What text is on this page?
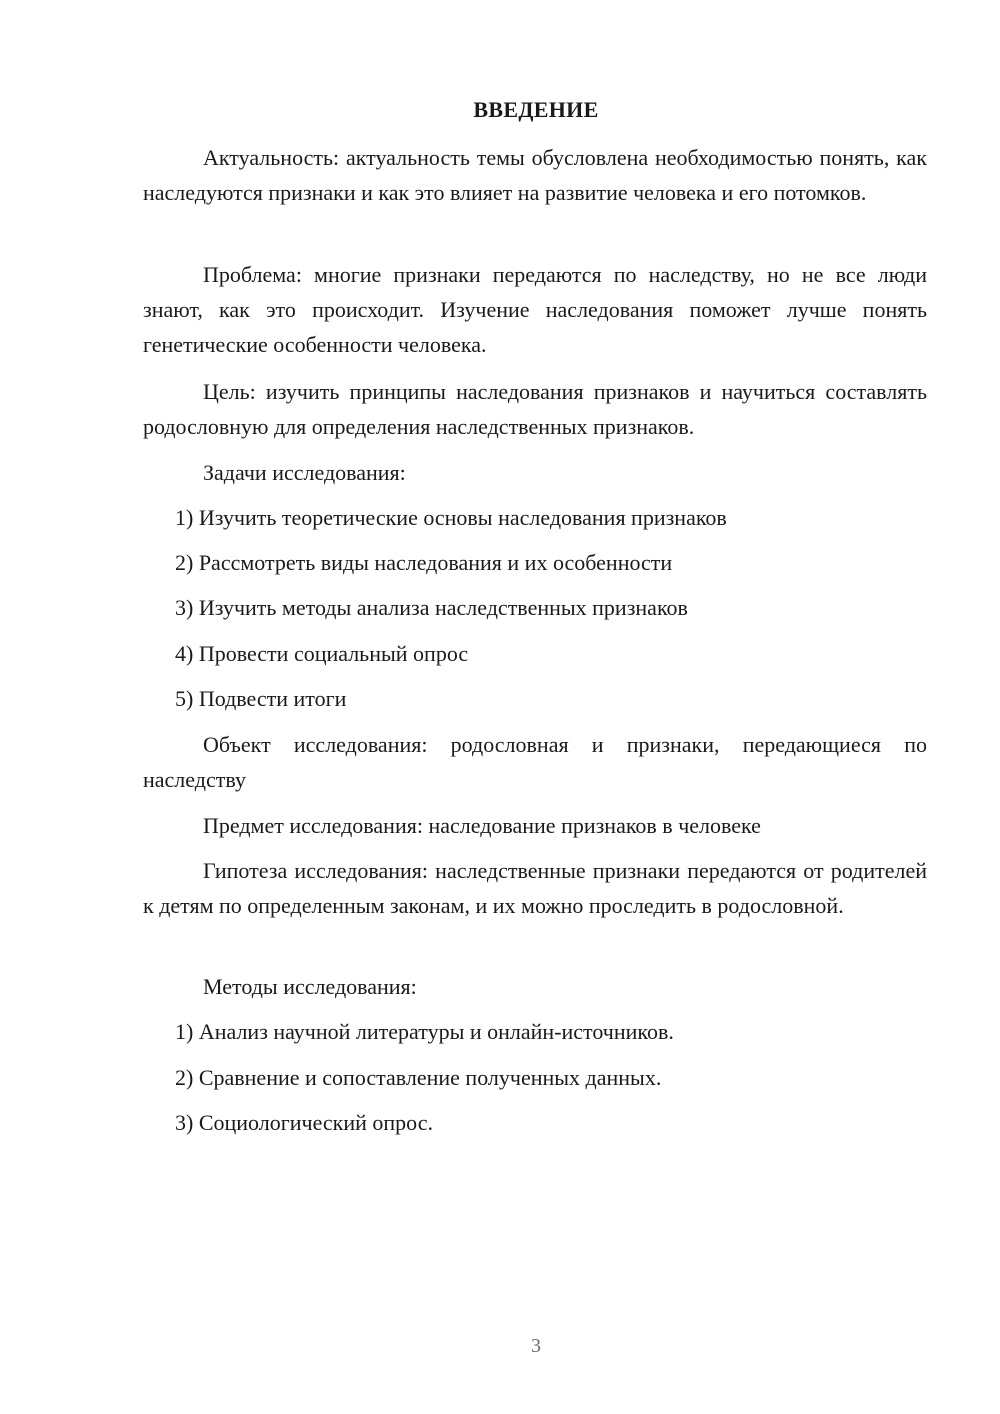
ВВЕДЕНИЕ

Актуальность: актуальность темы обусловлена необходимостью понять, как наследуются признаки и как это влияет на развитие человека и его потомков.

Проблема: многие признаки передаются по наследству, но не все люди знают, как это происходит. Изучение наследования поможет лучше понять генетические особенности человека.

Цель: изучить принципы наследования признаков и научиться составлять родословную для определения наследственных признаков.

Задачи исследования:

1) Изучить теоретические основы наследования признаков

2) Рассмотреть виды наследования и их особенности

3) Изучить методы анализа наследственных признаков

4) Провести социальный опрос

5) Подвести итоги

Объект исследования: родословная и признаки, передающиеся по наследству

Предмет исследования: наследование признаков в человеке

Гипотеза исследования: наследственные признаки передаются от родителей к детям по определенным законам, и их можно проследить в родословной.

Методы исследования:

1) Анализ научной литературы и онлайн-источников.

2) Сравнение и сопоставление полученных данных.

3) Социологический опрос.

3
